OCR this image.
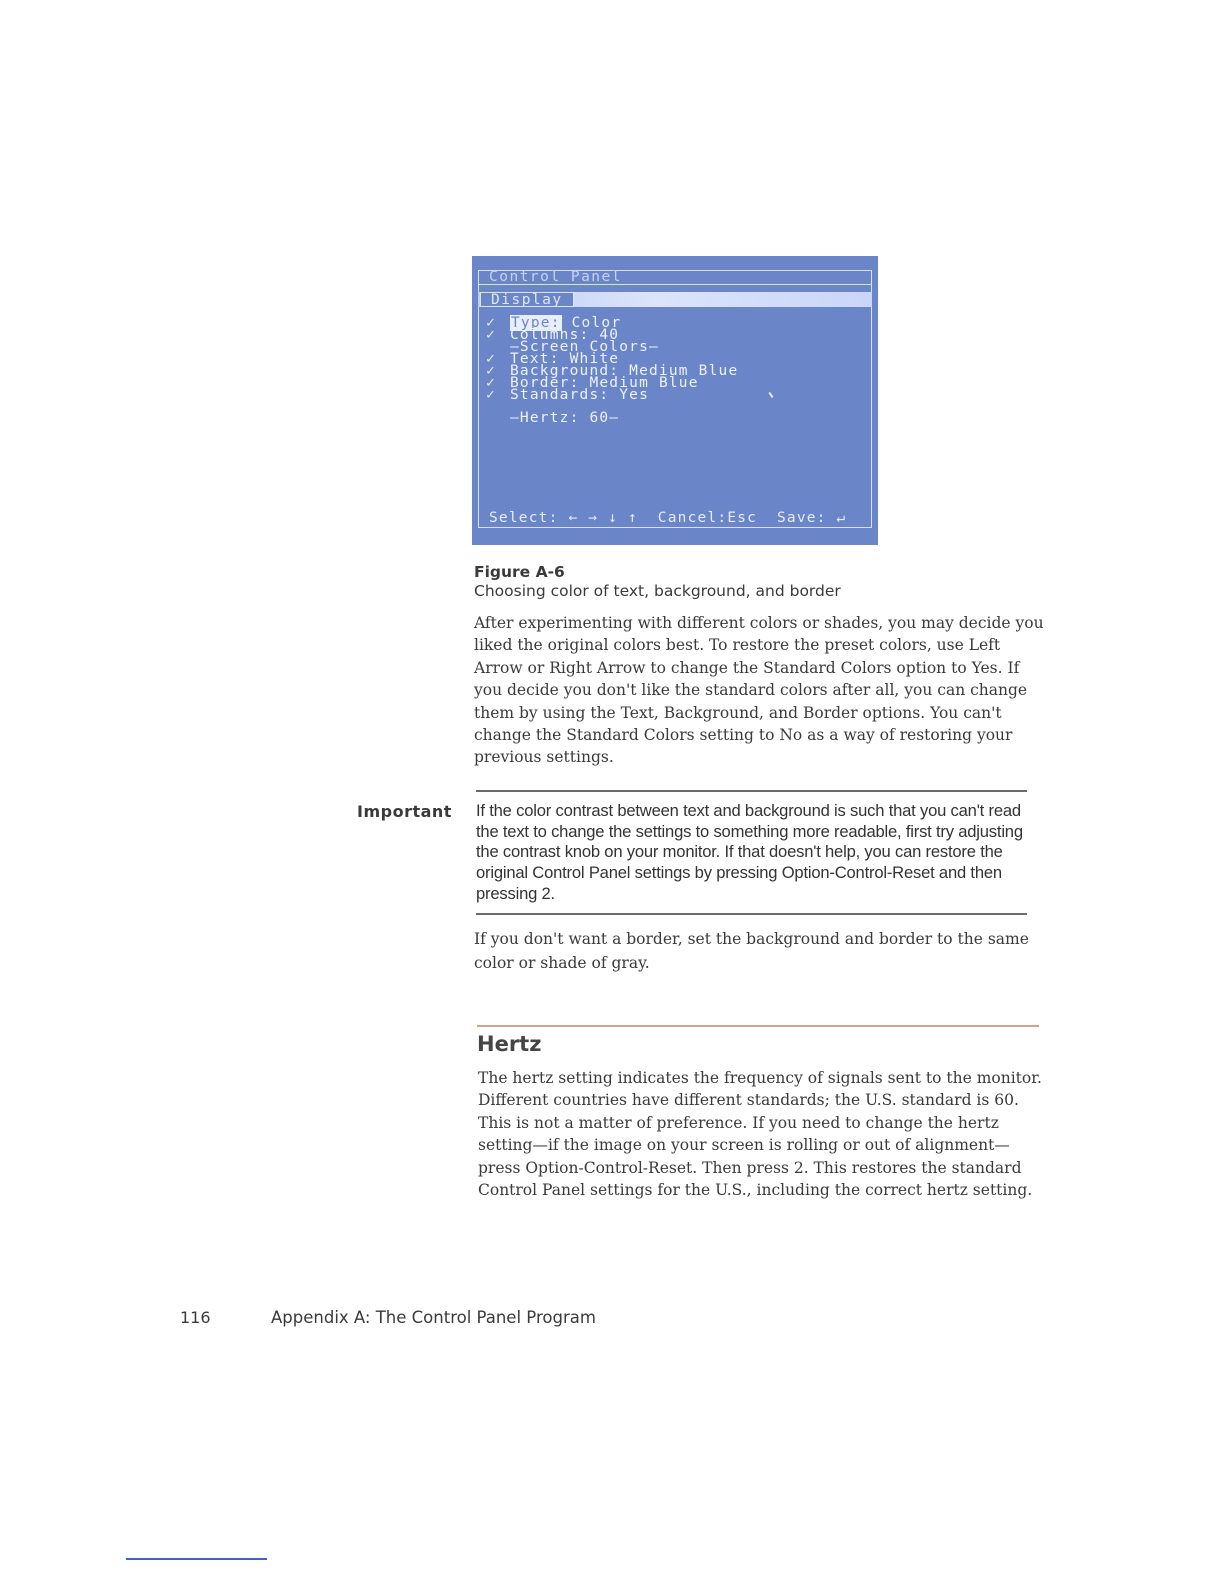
Control Panel
Display
✓ Type: Color
✓ Columns: 40
–Screen Colors–
✓ Text: White
✓ Background: Medium Blue
✓ Border: Medium Blue
✓ Standards: Yes
–Hertz: 60–
Select: ← → ↓ ↑  Cancel:Esc  Save: ↵
Figure A-6
Choosing color of text, background, and border

After experimenting with different colors or shades, you may decide you liked the original colors best. To restore the preset colors, use Left Arrow or Right Arrow to change the Standard Colors option to Yes. If you decide you don't like the standard colors after all, you can change them by using the Text, Background, and Border options. You can't change the Standard Colors setting to No as a way of restoring your previous settings.

Important If the color contrast between text and background is such that you can't read the text to change the settings to something more readable, first try adjusting the contrast knob on your monitor. If that doesn't help, you can restore the original Control Panel settings by pressing Option-Control-Reset and then pressing 2.

If you don't want a border, set the background and border to the same color or shade of gray.

Hertz

The hertz setting indicates the frequency of signals sent to the monitor. Different countries have different standards; the U.S. standard is 60. This is not a matter of preference. If you need to change the hertz setting—if the image on your screen is rolling or out of alignment—press Option-Control-Reset. Then press 2. This restores the standard Control Panel settings for the U.S., including the correct hertz setting.

116	Appendix A: The Control Panel Program
